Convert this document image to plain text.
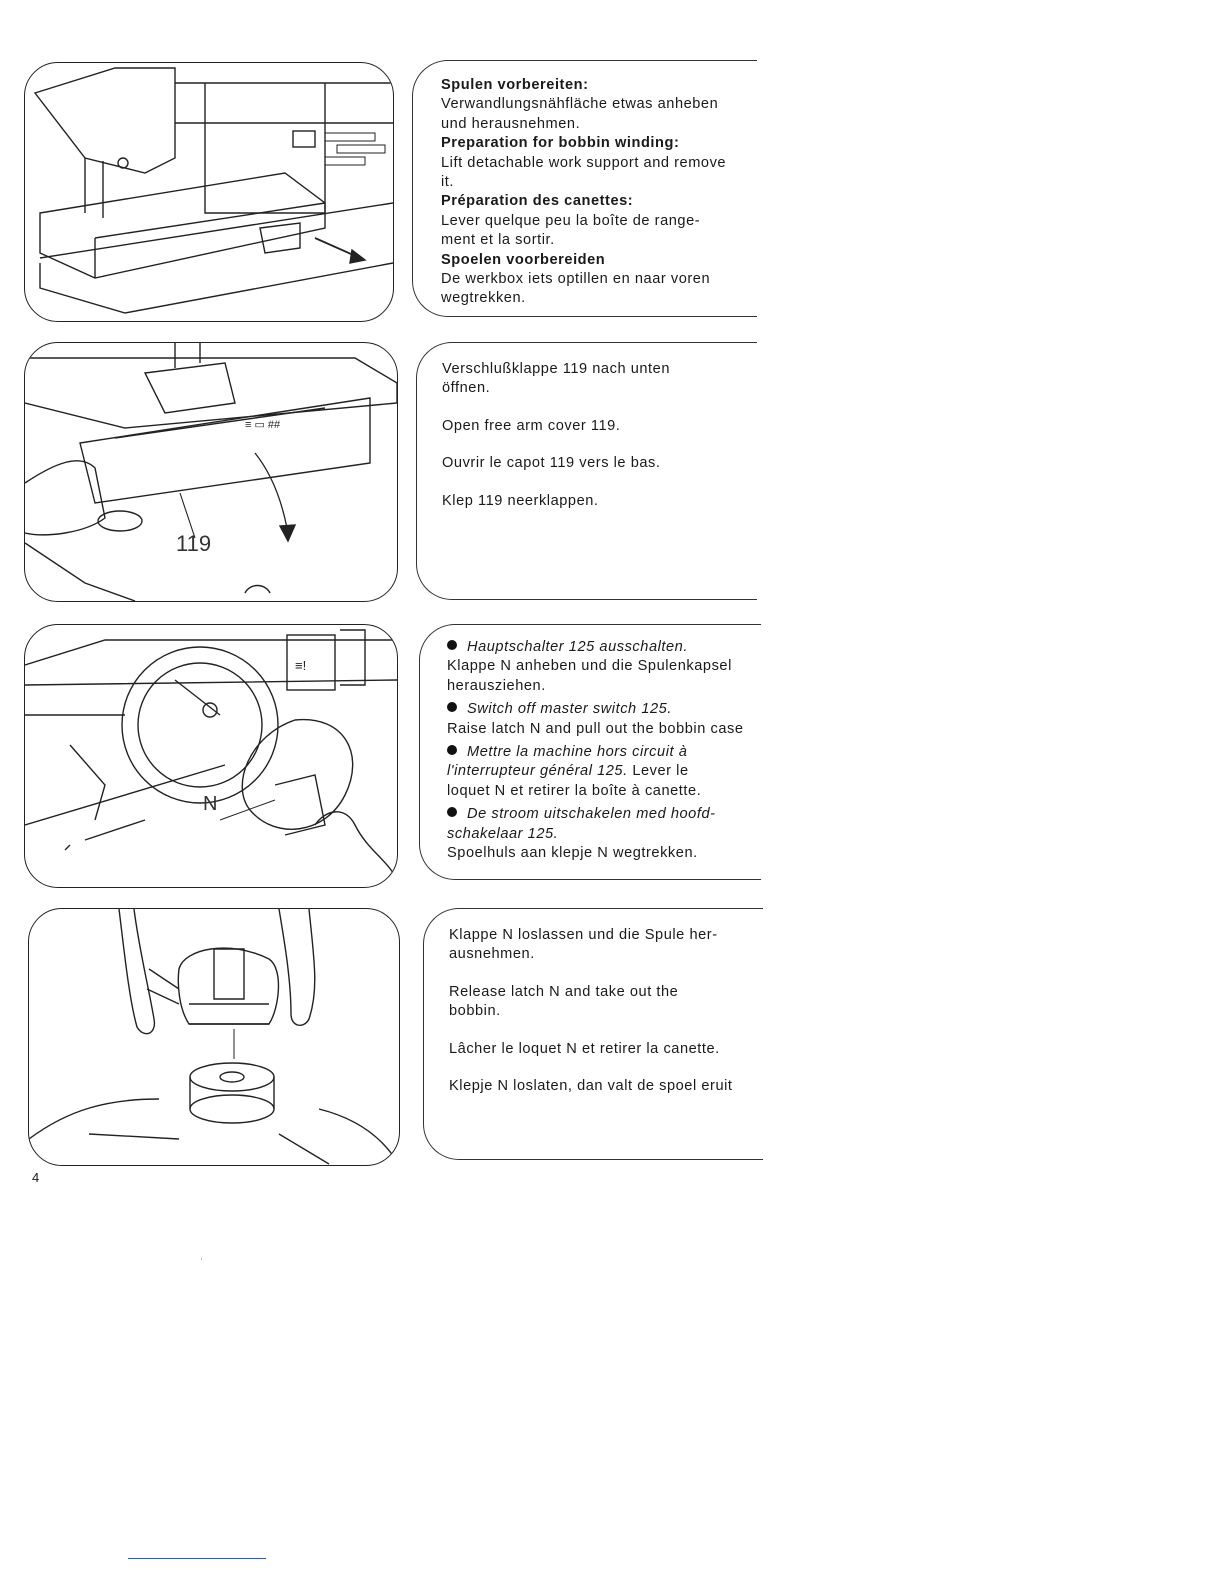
Spulen vorbereiten:

Verwandlungsnähfläche etwas anheben

und herausnehmen.

Preparation for bobbin winding:

Lift detachable work support and remove

it.

Préparation des canettes:

Lever quelque peu la boîte de range-

ment et la sortir.

Spoelen voorbereiden

De werkbox iets optillen en naar voren

wegtrekken.

≡ ▭ ##
119

Verschlußklappe 119 nach unten

öffnen.

Open free arm cover 119.

Ouvrir le capot 119 vers le bas.

Klep 119 neerklappen.

≡!
N

Hauptschalter 125 ausschalten.

Klappe N anheben und die Spulenkapsel

herausziehen.

Switch off master switch 125.

Raise latch N and pull out the bobbin case

Mettre la machine hors circuit à

l'interrupteur général 125. Lever le

loquet N et retirer la boîte à canette.

De stroom uitschakelen med hoofd-

schakelaar 125.

Spoelhuls aan klepje N wegtrekken.

Klappe N loslassen und die Spule her-

ausnehmen.

Release latch N and take out the

bobbin.

Lâcher le loquet N et retirer la canette.

Klepje N loslaten, dan valt de spoel eruit

4
